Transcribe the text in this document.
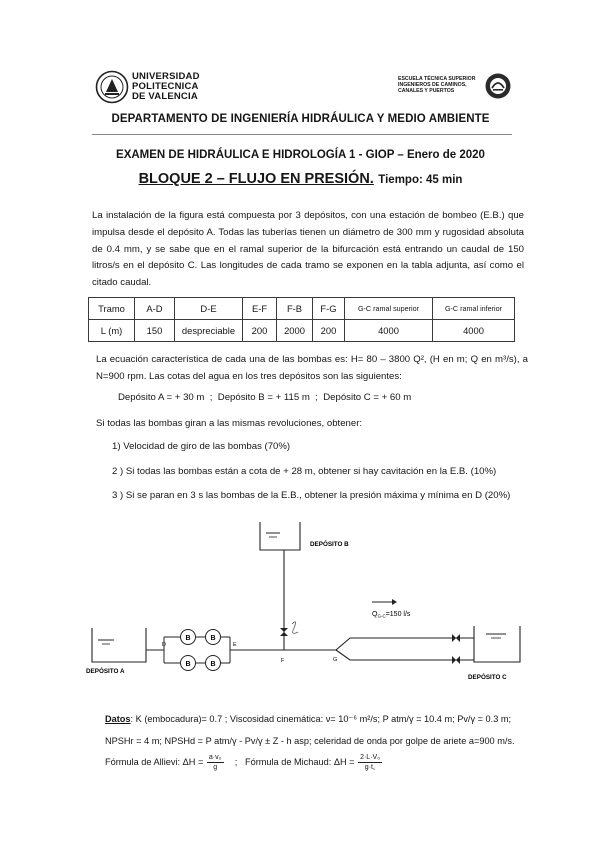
UNIVERSIDAD
POLITECNICA
DE VALENCIA
ESCUELA TÉCNICA SUPERIOR
INGENIEROS DE CAMINOS,
CANALES Y PUERTOS
DEPARTAMENTO DE INGENIERÍA HIDRÁULICA Y MEDIO AMBIENTE
EXAMEN DE HIDRÁULICA E HIDROLOGÍA 1 - GIOP – Enero de 2020
BLOQUE 2 – FLUJO EN PRESIÓN. Tiempo: 45 min
La instalación de la figura está compuesta por 3 depósitos, con una estación de bombeo (E.B.) que impulsa desde el depósito A. Todas las tuberías tienen un diámetro de 300 mm y rugosidad absoluta de 0.4 mm, y se sabe que en el ramal superior de la bifurcación está entrando un caudal de 150 litros/s en el depósito C. Las longitudes de cada tramo se exponen en la tabla adjunta, así como el citado caudal.
Tramo	A-D	D-E	E-F	F-B	F-G	G-C ramal superior	G-C ramal inferior
L (m)	150	despreciable	200	2000	200	4000	4000
La ecuación característica de cada una de las bombas es: H= 80 – 3800 Q², (H en m; Q en m³/s), a N=900 rpm. Las cotas del agua en los tres depósitos son las siguientes:
Depósito A = + 30 m ; Depósito B = + 115 m ; Depósito C = + 60 m
Si todas las bombas giran a las mismas revoluciones, obtener:
1) Velocidad de giro de las bombas (70%)
2 ) Si todas las bombas están a cota de + 28 m, obtener si hay cavitación en la E.B. (10%)
3 ) Si se paran en 3 s las bombas de la E.B., obtener la presión máxima y mínima en D (20%)
DEPÓSITO A
DEPÓSITO B
DEPÓSITO C
D
B	B
B	B
E
F	G
$Q_{G-C}=150$ l/s
Datos: K (embocadura)= 0.7 ; Viscosidad cinemática: ν= 10⁻⁶ m²/s; P atm/γ = 10.4 m; Pv/γ = 0.3 m;
NPSHr = 4 m; NPSHd = P atm/γ - Pv/γ ± Z - h asp; celeridad de onda por golpe de ariete a=900 m/s.
Fórmula de Allievi: $\Delta H = \frac{\text{a·v₀}}{g}$ ; Fórmula de Michaud: $\Delta H = \frac{\text{2·L·V₀}}{g\cdot t꜀}$
